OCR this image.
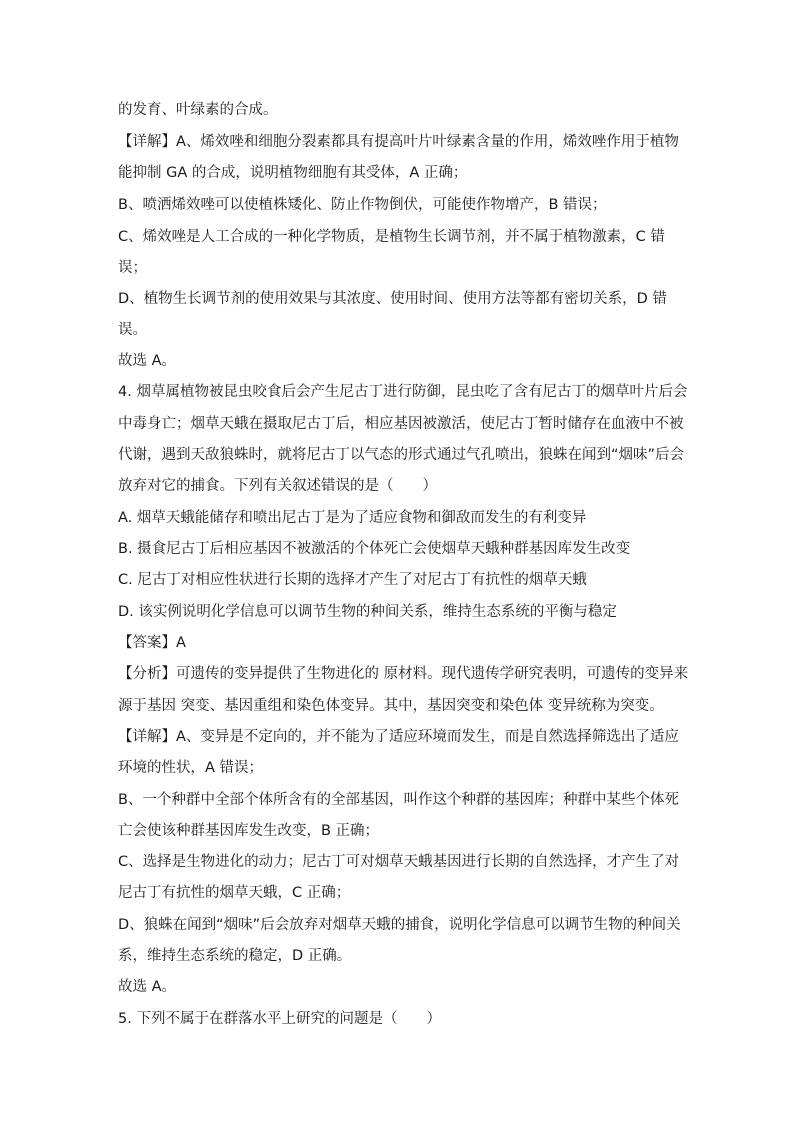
的发育、叶绿素的合成。
【详解】A、烯效唑和细胞分裂素都具有提高叶片叶绿素含量的作用，烯效唑作用于植物
能抑制 GA 的合成，说明植物细胞有其受体，A 正确；
B、喷洒烯效唑可以使植株矮化、防止作物倒伏，可能使作物增产，B 错误；
C、烯效唑是人工合成的一种化学物质，是植物生长调节剂，并不属于植物激素，C 错
误；
D、植物生长调节剂的使用效果与其浓度、使用时间、使用方法等都有密切关系，D 错
误。
故选 A。
4. 烟草属植物被昆虫咬食后会产生尼古丁进行防御，昆虫吃了含有尼古丁的烟草叶片后会
中毒身亡；烟草天蛾在摄取尼古丁后，相应基因被激活，使尼古丁暂时储存在血液中不被
代谢，遇到天敌狼蛛时，就将尼古丁以气态的形式通过气孔喷出，狼蛛在闻到“烟味”后会
放弃对它的捕食。下列有关叙述错误的是（　　）
A. 烟草天蛾能储存和喷出尼古丁是为了适应食物和御敌而发生的有利变异
B. 摄食尼古丁后相应基因不被激活的个体死亡会使烟草天蛾种群基因库发生改变
C. 尼古丁对相应性状进行长期的选择才产生了对尼古丁有抗性的烟草天蛾
D. 该实例说明化学信息可以调节生物的种间关系，维持生态系统的平衡与稳定
【答案】A
【分析】可遗传的变异提供了生物进化的 原材料。现代遗传学研究表明，可遗传的变异来
源于基因 突变、基因重组和染色体变异。其中，基因突变和染色体 变异统称为突变。
【详解】A、变异是不定向的，并不能为了适应环境而发生，而是自然选择筛选出了适应
环境的性状，A 错误；
B、一个种群中全部个体所含有的全部基因，叫作这个种群的基因库；种群中某些个体死
亡会使该种群基因库发生改变，B 正确；
C、选择是生物进化的动力；尼古丁可对烟草天蛾基因进行长期的自然选择，才产生了对
尼古丁有抗性的烟草天蛾，C 正确；
D、狼蛛在闻到“烟味”后会放弃对烟草天蛾的捕食，说明化学信息可以调节生物的种间关
系，维持生态系统的稳定，D 正确。
故选 A。
5. 下列不属于在群落水平上研究的问题是（　　）
